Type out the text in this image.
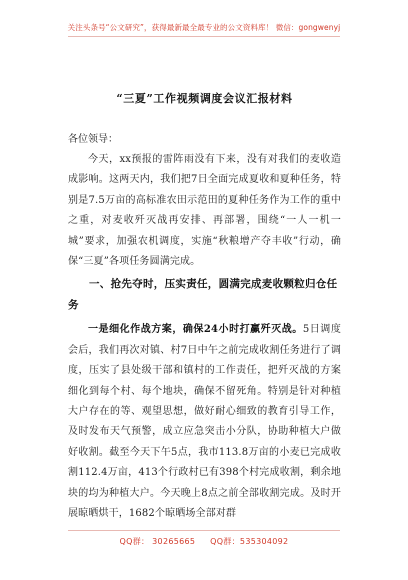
关注头条号“公文研究”，获得最新最全最专业的公文资料库！ 微信：gongwenyj
“三夏”工作视频调度会议汇报材料
各位领导：

今天，xx预报的雷阵雨没有下来，没有对我们的麦收造成影响。这两天内，我们把7日全面完成夏收和夏种任务，特别是7.5万亩的高标准农田示范田的夏种任务作为工作的重中之重，对麦收歼灭战再安排、再部署，围绕“一人一机一城”要求，加强农机调度，实施“秋粮增产夺丰收”行动，确保“三夏”各项任务圆满完成。

一、抢先夺时，压实责任，圆满完成麦收颗粒归仓任务

一是细化作战方案，确保24小时打赢歼灭战。5日调度会后，我们再次对镇、村7日中午之前完成收割任务进行了调度，压实了县处级干部和镇村的工作责任，把歼灭战的方案细化到每个村、每个地块，确保不留死角。特别是针对种植大户存在的等、观望思想，做好耐心细致的教育引导工作，及时发布天气预警，成立应急突击小分队，协助种植大户做好收割。截至今天下午5点，我市113.8万亩的小麦已完成收割112.4万亩，413个行政村已有398个村完成收割，剩余地块的均为种植大户。今天晚上8点之前全部收割完成。及时开展晾晒烘干，1682个晾晒场全部对群

QQ群： 30265665 QQ群：535304092
